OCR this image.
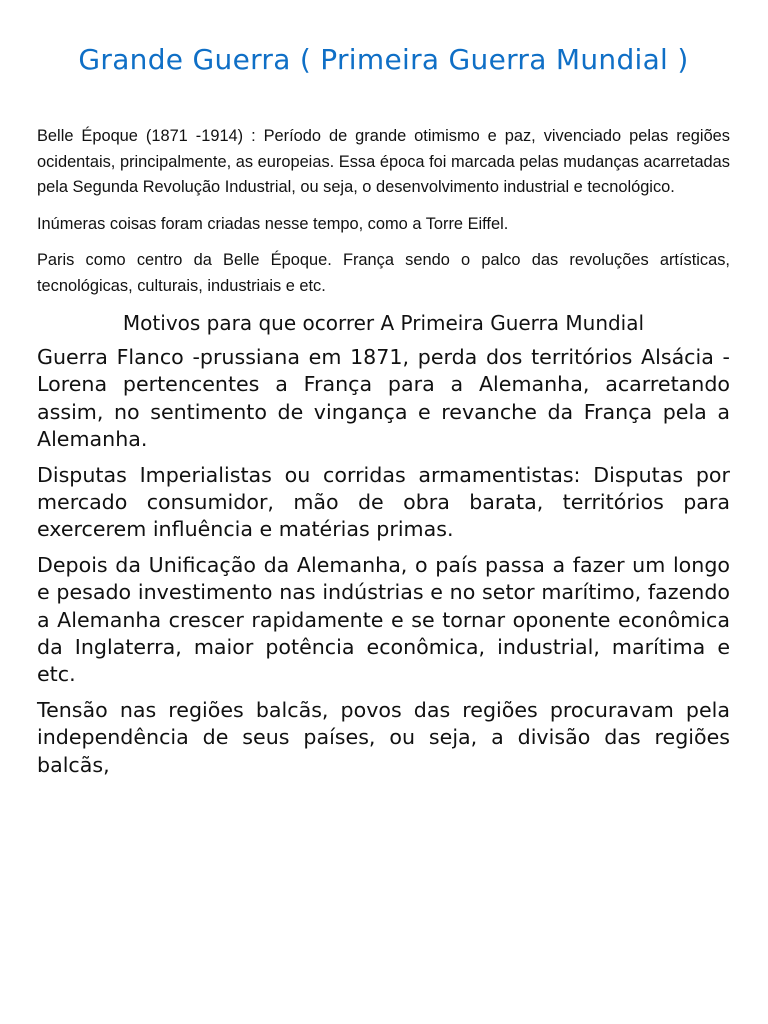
Grande Guerra ( Primeira Guerra Mundial )

Belle Époque (1871 -1914) : Período de grande otimismo e paz, vivenciado pelas regiões ocidentais, principalmente, as europeias. Essa época foi marcada pelas mudanças acarretadas pela Segunda Revolução Industrial, ou seja, o desenvolvimento industrial e tecnológico.

Inúmeras coisas foram criadas nesse tempo, como a Torre Eiffel.

Paris como centro da Belle Époque. França sendo o palco das revoluções artísticas, tecnológicas, culturais, industriais e etc.

Motivos para que ocorrer A Primeira Guerra Mundial

Guerra Flanco -prussiana em 1871, perda dos territórios Alsácia -Lorena pertencentes a França para a Alemanha, acarretando assim, no sentimento de vingança e revanche da França pela a Alemanha.

Disputas Imperialistas ou corridas armamentistas: Disputas por mercado consumidor, mão de obra barata, territórios para exercerem influência e matérias primas.

Depois da Unificação da Alemanha, o país passa a fazer um longo e pesado investimento nas indústrias e no setor marítimo, fazendo a Alemanha crescer rapidamente e se tornar oponente econômica da Inglaterra, maior potência econômica, industrial, marítima e etc.

Tensão nas regiões balcãs, povos das regiões procuravam pela independência de seus países, ou seja, a divisão das regiões balcãs,
